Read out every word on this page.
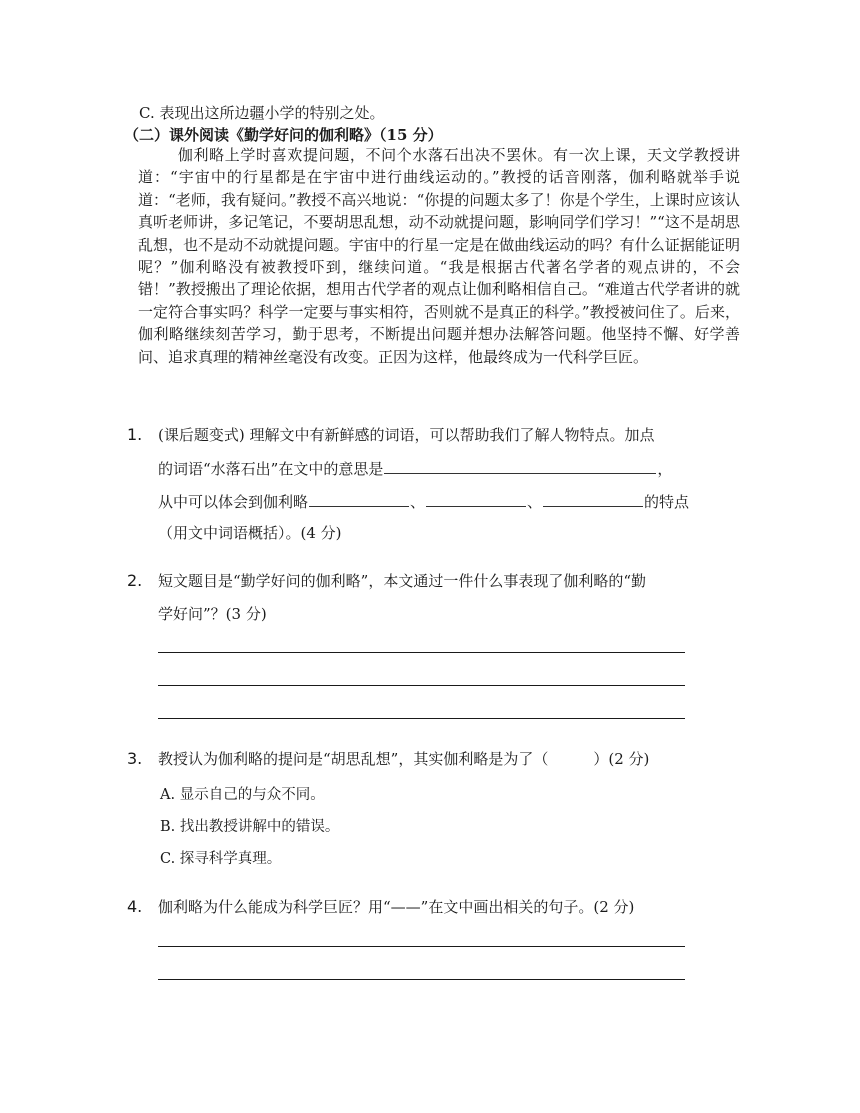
C. 表现出这所边疆小学的特别之处。
（二）课外阅读《勤学好问的伽利略》（15 分）

伽利略上学时喜欢提问题，不问个水落石出决不罢休。有一次上课，天文学教授讲道：“宇宙中的行星都是在宇宙中进行曲线运动的。”教授的话音刚落，伽利略就举手说道：“老师，我有疑问。”教授不高兴地说：“你提的问题太多了！你是个学生，上课时应该认真听老师讲，多记笔记，不要胡思乱想，动不动就提问题，影响同学们学习！”“这不是胡思乱想，也不是动不动就提问题。宇宙中的行星一定是在做曲线运动的吗？有什么证据能证明呢？”伽利略没有被教授吓到，继续问道。“我是根据古代著名学者的观点讲的，不会错！”教授搬出了理论依据，想用古代学者的观点让伽利略相信自己。“难道古代学者讲的就一定符合事实吗？科学一定要与事实相符，否则就不是真正的科学。”教授被问住了。后来，伽利略继续刻苦学习，勤于思考，不断提出问题并想办法解答问题。他坚持不懈、好学善问、追求真理的精神丝毫没有改变。正因为这样，他最终成为一代科学巨匠。

1. (课后题变式) 理解文中有新鲜感的词语，可以帮助我们了解人物特点。加点
的词语“水落石出”在文中的意思是	，
从中可以体会到伽利略	、	、	的特点
（用文中词语概括）。(4 分)
2. 短文题目是“勤学好问的伽利略”，本文通过一件什么事表现了伽利略的“勤
学好问”？(3 分)
3. 教授认为伽利略的提问是“胡思乱想”，其实伽利略是为了（　　　）(2 分)
A. 显示自己的与众不同。
B. 找出教授讲解中的错误。
C. 探寻科学真理。
4. 伽利略为什么能成为科学巨匠？用“——”在文中画出相关的句子。(2 分)
